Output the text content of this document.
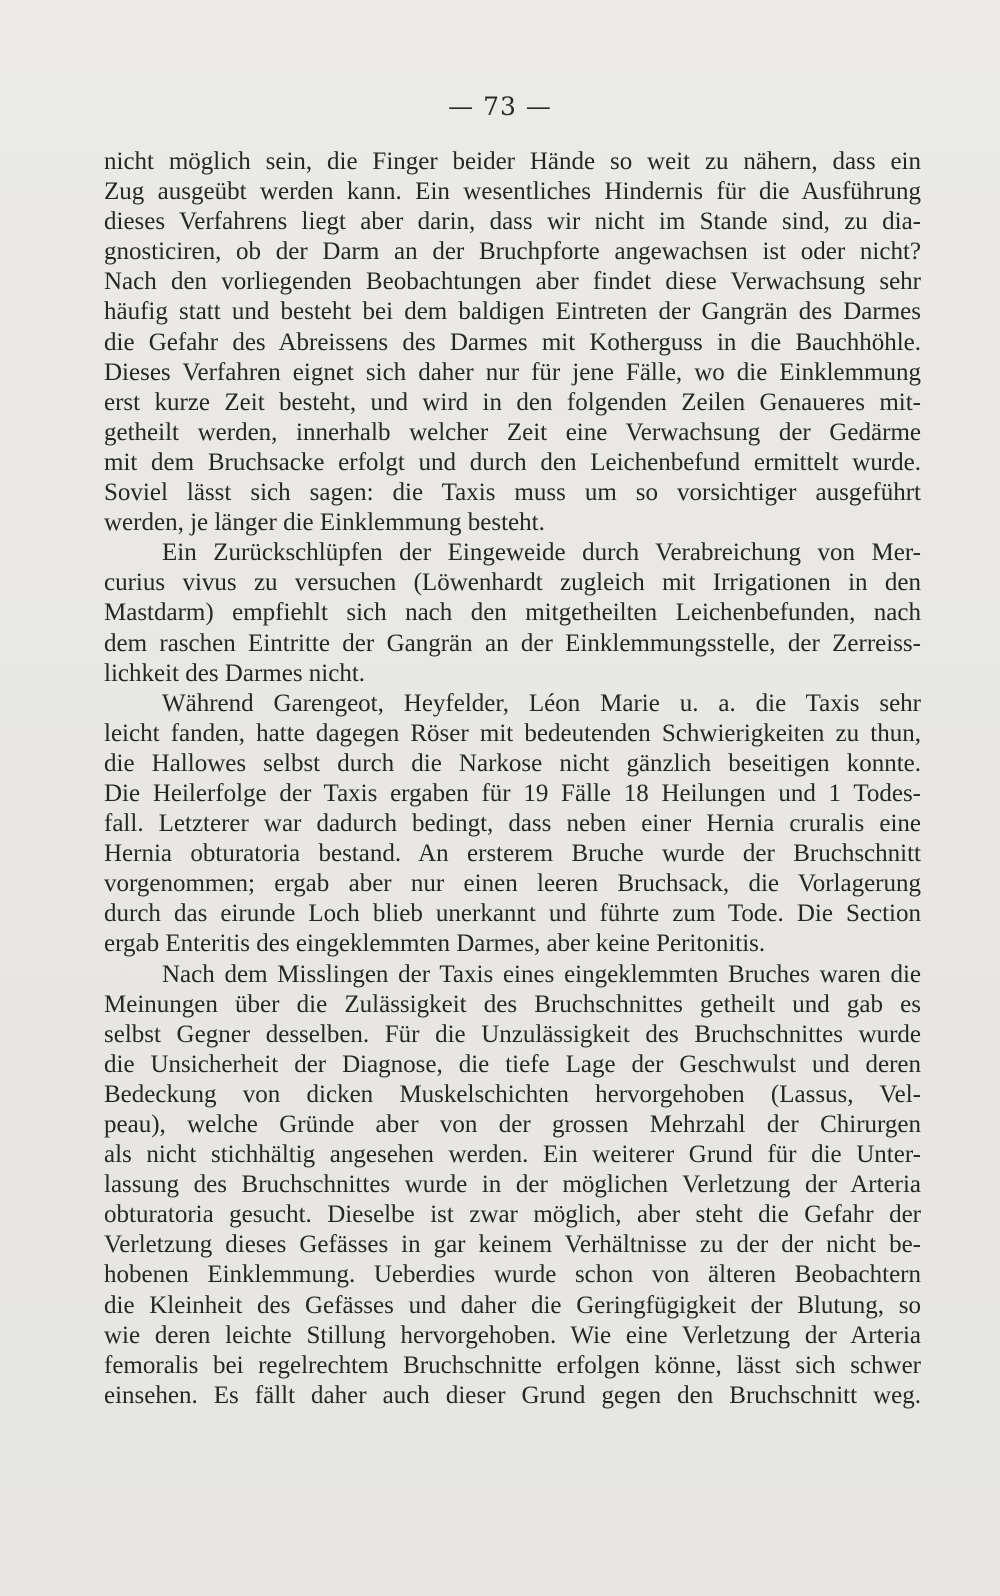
— 73 —
nicht möglich sein, die Finger beider Hände so weit zu nähern, dass ein
Zug ausgeübt werden kann. Ein wesentliches Hindernis für die Ausführung
dieses Verfahrens liegt aber darin, dass wir nicht im Stande sind, zu dia-
gnosticiren, ob der Darm an der Bruchpforte angewachsen ist oder nicht?
Nach den vorliegenden Beobachtungen aber findet diese Verwachsung sehr
häufig statt und besteht bei dem baldigen Eintreten der Gangrän des Darmes
die Gefahr des Abreissens des Darmes mit Kotherguss in die Bauchhöhle.
Dieses Verfahren eignet sich daher nur für jene Fälle, wo die Einklemmung
erst kurze Zeit besteht, und wird in den folgenden Zeilen Genaueres mit-
getheilt werden, innerhalb welcher Zeit eine Verwachsung der Gedärme
mit dem Bruchsacke erfolgt und durch den Leichenbefund ermittelt wurde.
Soviel lässt sich sagen: die Taxis muss um so vorsichtiger ausgeführt
werden, je länger die Einklemmung besteht.
Ein Zurückschlüpfen der Eingeweide durch Verabreichung von Mer-
curius vivus zu versuchen (Löwenhardt zugleich mit Irrigationen in den
Mastdarm) empfiehlt sich nach den mitgetheilten Leichenbefunden, nach
dem raschen Eintritte der Gangrän an der Einklemmungsstelle, der Zerreiss-
lichkeit des Darmes nicht.
Während Garengeot, Heyfelder, Léon Marie u. a. die Taxis sehr
leicht fanden, hatte dagegen Röser mit bedeutenden Schwierigkeiten zu thun,
die Hallowes selbst durch die Narkose nicht gänzlich beseitigen konnte.
Die Heilerfolge der Taxis ergaben für 19 Fälle 18 Heilungen und 1 Todes-
fall. Letzterer war dadurch bedingt, dass neben einer Hernia cruralis eine
Hernia obturatoria bestand. An ersterem Bruche wurde der Bruchschnitt
vorgenommen; ergab aber nur einen leeren Bruchsack, die Vorlagerung
durch das eirunde Loch blieb unerkannt und führte zum Tode. Die Section
ergab Enteritis des eingeklemmten Darmes, aber keine Peritonitis.
Nach dem Misslingen der Taxis eines eingeklemmten Bruches waren die
Meinungen über die Zulässigkeit des Bruchschnittes getheilt und gab es
selbst Gegner desselben. Für die Unzulässigkeit des Bruchschnittes wurde
die Unsicherheit der Diagnose, die tiefe Lage der Geschwulst und deren
Bedeckung von dicken Muskelschichten hervorgehoben (Lassus, Vel-
peau), welche Gründe aber von der grossen Mehrzahl der Chirurgen
als nicht stichhältig angesehen werden. Ein weiterer Grund für die Unter-
lassung des Bruchschnittes wurde in der möglichen Verletzung der Arteria
obturatoria gesucht. Dieselbe ist zwar möglich, aber steht die Gefahr der
Verletzung dieses Gefässes in gar keinem Verhältnisse zu der der nicht be-
hobenen Einklemmung. Ueberdies wurde schon von älteren Beobachtern
die Kleinheit des Gefässes und daher die Geringfügigkeit der Blutung, so
wie deren leichte Stillung hervorgehoben. Wie eine Verletzung der Arteria
femoralis bei regelrechtem Bruchschnitte erfolgen könne, lässt sich schwer
einsehen. Es fällt daher auch dieser Grund gegen den Bruchschnitt weg.
